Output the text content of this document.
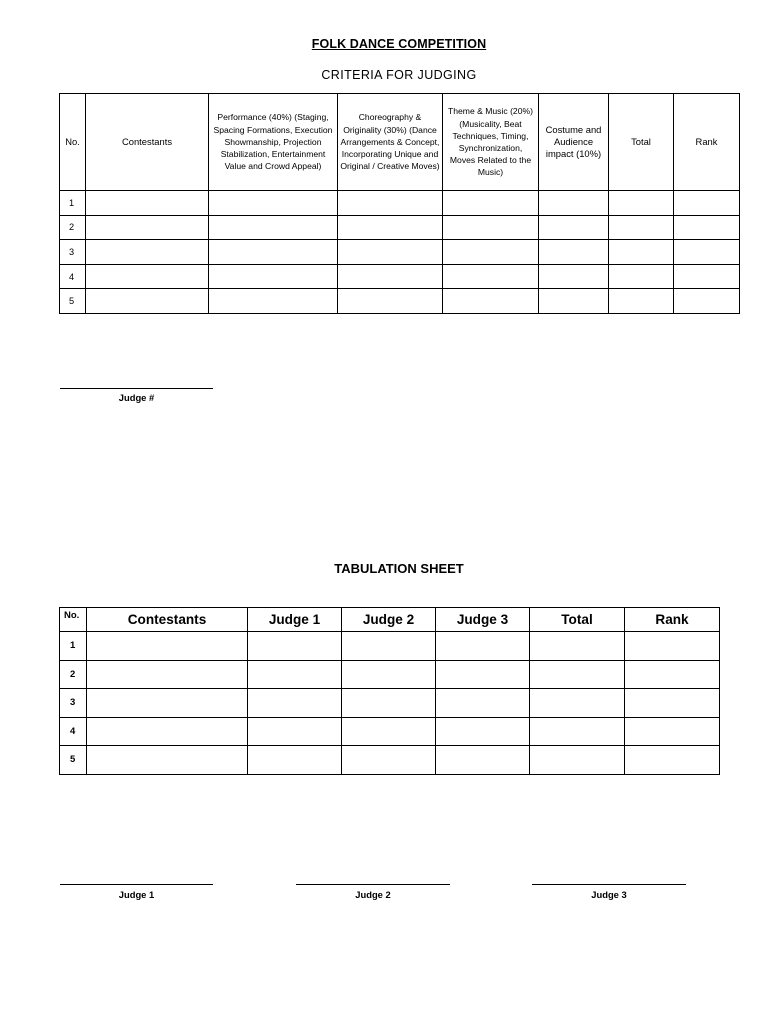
FOLK DANCE COMPETITION
CRITERIA FOR JUDGING
No.	Contestants	Performance (40%) (Staging, Spacing Formations, Execution Showmanship, Projection Stabilization, Entertainment Value and Crowd Appeal)	Choreography & Originality (30%) (Dance Arrangements & Concept, Incorporating Unique and Original / Creative Moves)	Theme & Music (20%) (Musicality, Beat Techniques, Timing, Synchronization, Moves Related to the Music)	Costume and Audience impact (10%)	Total	Rank
1							
2							
3							
4							
5							
Judge #
TABULATION SHEET
No.	Contestants	Judge 1	Judge 2	Judge 3	Total	Rank
1						
2						
3						
4						
5						
Judge 1	Judge 2	Judge 3
